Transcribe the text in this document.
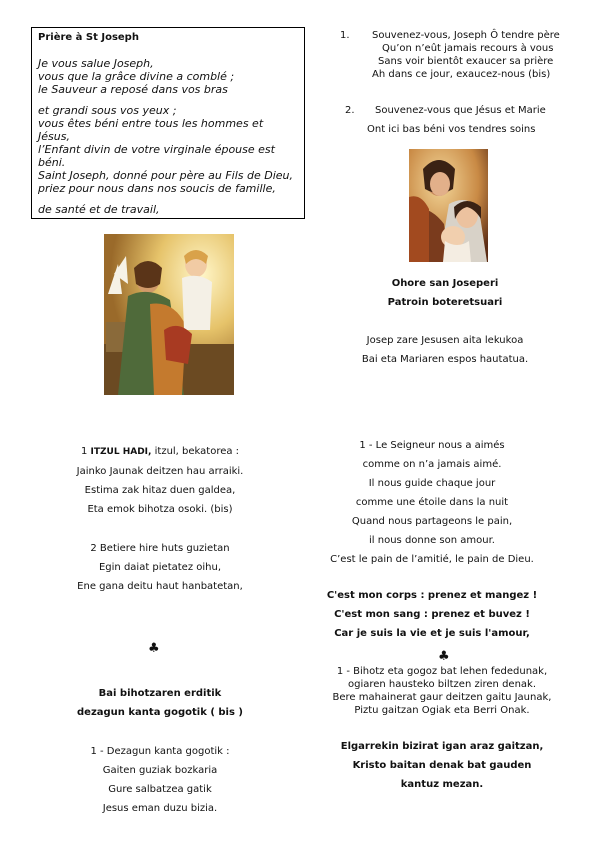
Prière à St Joseph
Je vous salue Joseph,
vous que la grâce divine a comblé ;
le Sauveur a reposé dans vos bras
et grandi sous vos yeux ;
vous êtes béni entre tous les hommes et Jésus,
l’Enfant divin de votre virginale épouse est béni.
Saint Joseph, donné pour père au Fils de Dieu,
priez pour nous dans nos soucis de famille,
de santé et de travail,
1. Souvenez-vous, Joseph Ô tendre père
Qu’on n’eût jamais recours à vous
Sans voir bientôt exaucer sa prière
Ah dans ce jour, exaucez-nous (bis)
2. Souvenez-vous que Jésus et Marie
Ont ici bas béni vos tendres soins
Ohore san Joseperi
Patroin boteretsuari
Josep zare Jesusen aita lekukoa
Bai eta Mariaren espos hautatua.
1 ITZUL HADI, itzul, bekatorea :
Jainko Jaunak deitzen hau arraiki.
Estima zak hitaz duen galdea,
Eta emok bihotza osoki. (bis)
2 Betiere hire huts guzietan
Egin daiat pietatez oihu,
Ene gana deitu haut hanbatetan,
1 - Le Seigneur nous a aimés
comme on n’a jamais aimé.
Il nous guide chaque jour
comme une étoile dans la nuit
Quand nous partageons le pain,
il nous donne son amour.
C’est le pain de l’amitié, le pain de Dieu.
C'est mon corps : prenez et mangez !
C'est mon sang : prenez et buvez !
Car je suis la vie et je suis l'amour,
♣
♣
1 - Bihotz eta gogoz bat lehen fededunak,
ogiaren hausteko biltzen ziren denak.
Bere mahainerat gaur deitzen gaitu Jaunak,
Piztu gaitzan Ogiak eta Berri Onak.
Elgarrekin bizirat igan araz gaitzan,
Kristo baitan denak bat gauden
kantuz mezan.
Bai bihotzaren erditik
dezagun kanta gogotik ( bis )
1 - Dezagun kanta gogotik :
Gaiten guziak bozkaria
Gure salbatzea gatik
Jesus eman duzu bizia.
